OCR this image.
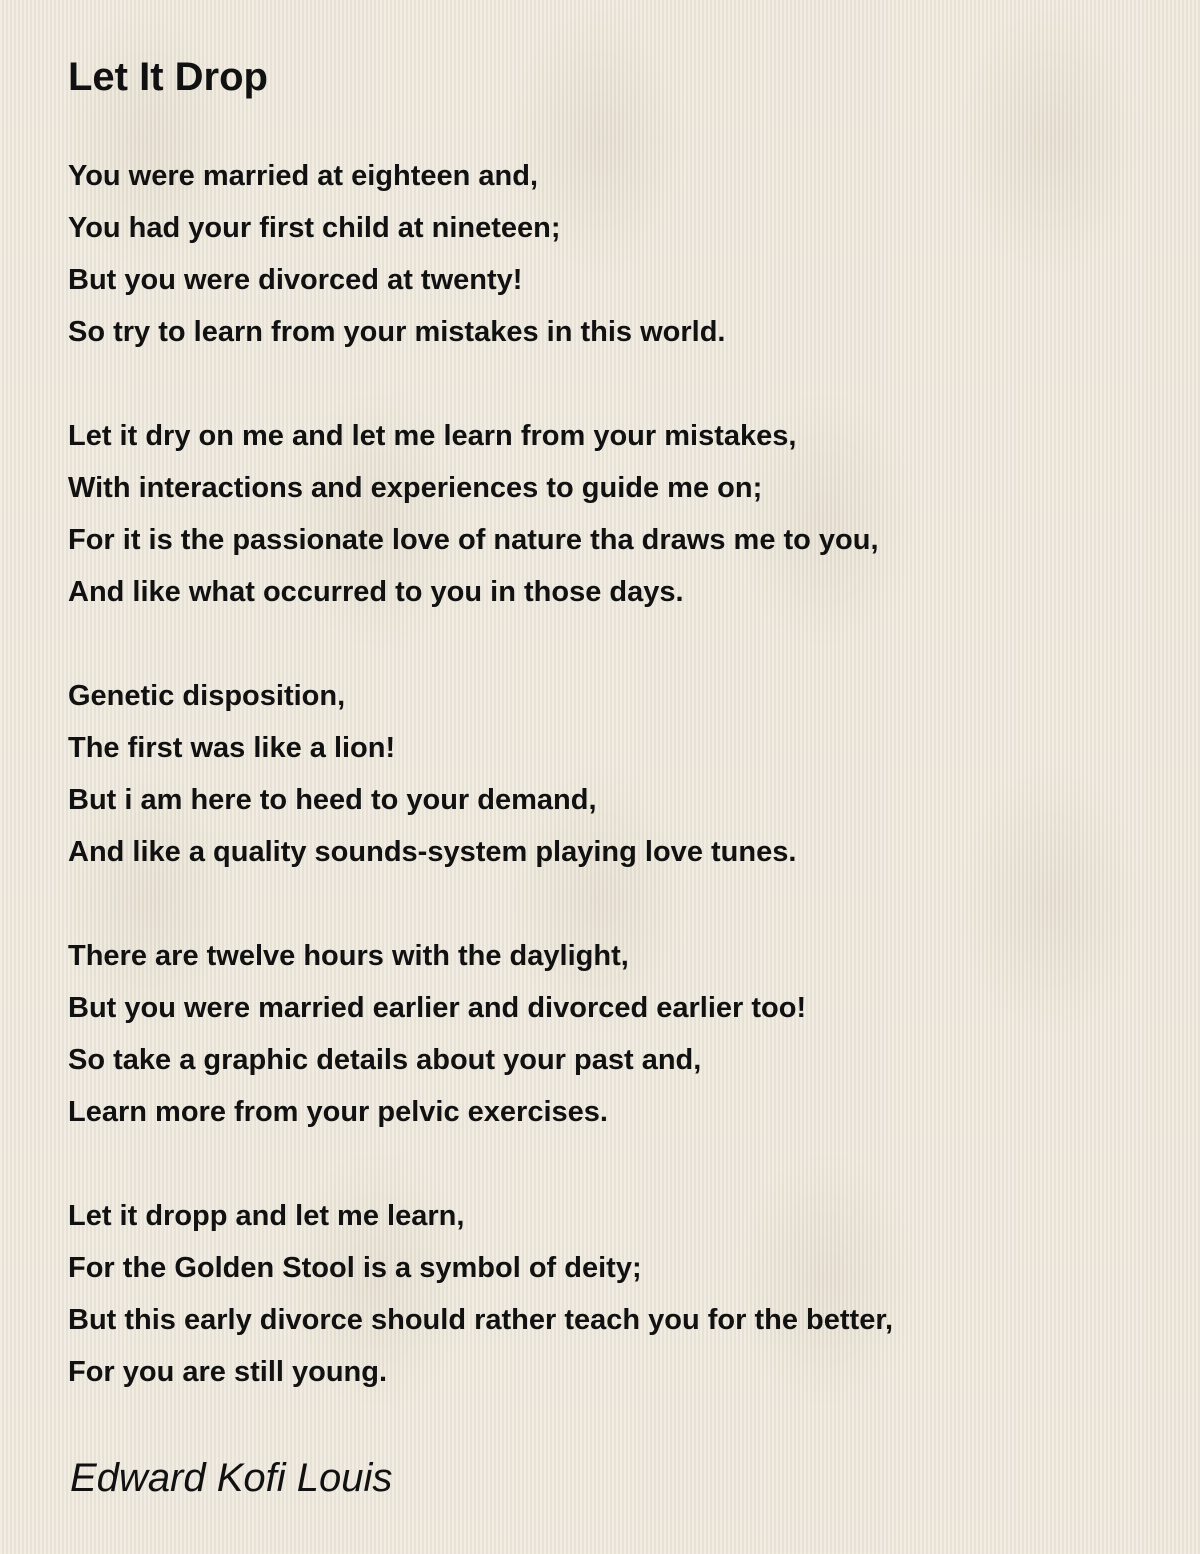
Let It Drop
You were married at eighteen and,
You had your first child at nineteen;
But you were divorced at twenty!
So try to learn from your mistakes in this world.
Let it dry on me and let me learn from your mistakes,
With interactions and experiences to guide me on;
For it is the passionate love of nature tha draws me to you,
And like what occurred to you in those days.
Genetic disposition,
The first was like a lion!
But i am here to heed to your demand,
And like a quality sounds-system playing love tunes.
There are twelve hours with the daylight,
But you were married earlier and divorced earlier too!
So take a graphic details about your past and,
Learn more from your pelvic exercises.
Let it dropp and let me learn,
For the Golden Stool is a symbol of deity;
But this early divorce should rather teach you for the better,
For you are still young.

Edward Kofi Louis
